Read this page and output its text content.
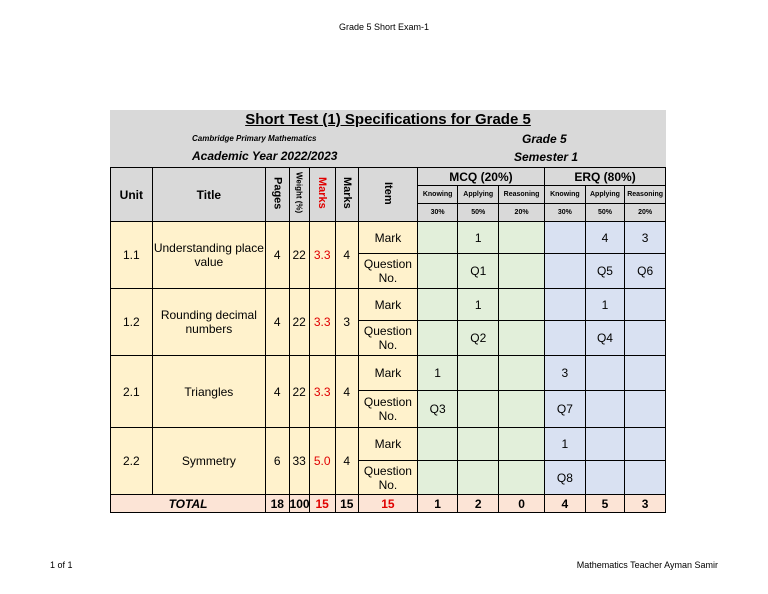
Grade 5 Short Exam-1
Short Test (1) Specifications for Grade 5
Cambridge Primary Mathematics
Academic Year 2022/2023
Grade 5
Semester 1
Unit	Title	Pages	Weight (%)	Marks	Marks	Item	MCQ (20%)			ERQ (80%)		
							Knowing	Applying	Reasoning	Knowing	Applying	Reasoning
							30%	50%	20%	30%	50%	20%
1.1	Understanding place value	4	22	3.3	4	Mark		1			4	3
						Question No.		Q1			Q5	Q6
1.2	Rounding decimal numbers	4	22	3.3	3	Mark		1			1	
						Question No.		Q2			Q4	
2.1	Triangles	4	22	3.3	4	Mark	1			3		
						Question No.	Q3			Q7		
2.2	Symmetry	6	33	5.0	4	Mark				1		
						Question No.				Q8		
TOTAL		18	100	15	15	15	1	2	0	4	5	3
1 of 1	Mathematics Teacher Ayman Samir
